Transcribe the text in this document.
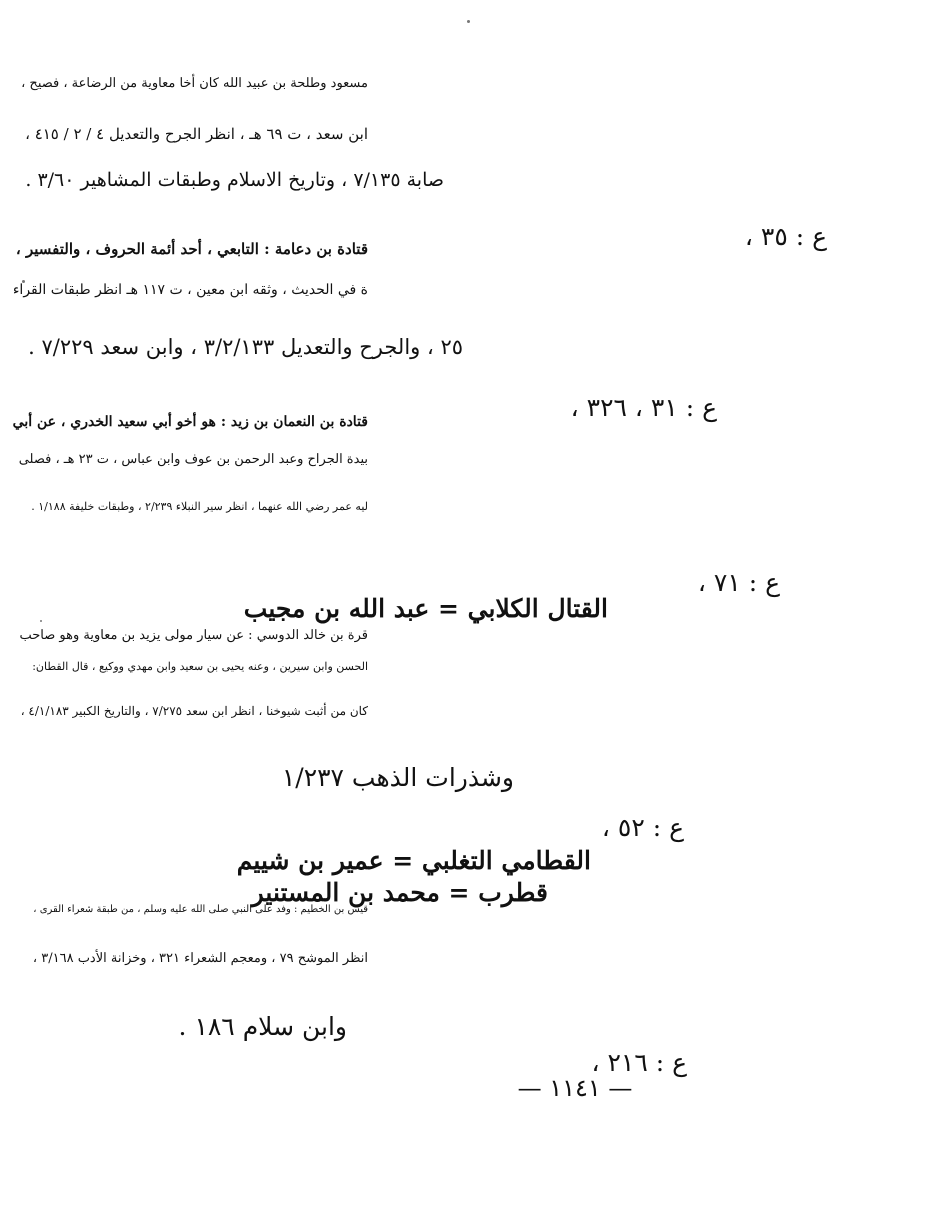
مسعود وطلحة بن عبيد الله كان أخا معاوية من الرضاعة ، فصيح ،
ابن سعد ، ت ٦٩ هـ ، انظر الجرح والتعديل ٤ / ٢ / ٤١٥ ،
صابة ٧/١٣٥ ، وتاريخ الاسلام وطبقات المشاهير ٣/٦٠ .
ع : ٣٥ ،
قتادة بن دعامة : التابعي ، أحد أئمة الحروف ، والتفسير ،
ة في الحديث ، وثقه ابن معين ، ت ١١٧ هـ انظر طبقات القراء
٢٥ ، والجرح والتعديل ٣/٢/١٣٣ ، وابن سعد ٧/٢٢٩ .
ع : ٣١ ، ٣٢٦ ،
قتادة بن النعمان بن زيد : هو أخو أبي سعيد الخدري ، عن أبي
بيدة الجراح وعبد الرحمن بن عوف وابن عباس ، ت ٢٣ هـ ، فصلى
ليه عمر رضي الله عنهما ، انظر سير النبلاء ٢/٢٣٩ ، وطبقات خليفة ١/١٨٨ .
ع : ٧١ ،
القتال الكلابي = عبد الله بن مجيب
قرة بن خالد الدوسي : عن سيار مولى يزيد بن معاوية وهو صاحب
الحسن وابن سيرين ، وعنه يحيى بن سعيد وابن مهدي ووكيع ، قال القطان:
كان من أثبت شيوخنا ، انظر ابن سعد ٧/٢٧٥ ، والتاريخ الكبير ٤/١/١٨٣ ،
وشذرات الذهب ١/٢٣٧
ع : ٥٢ ،
القطامي التغلبي = عمير بن شييم
قطرب = محمد بن المستنير
قيس بن الخطيم : وفد على النبي صلى الله عليه وسلم ، من طبقة شعراء القرى ،
انظر الموشح ٧٩ ، ومعجم الشعراء ٣٢١ ، وخزانة الأدب ٣/١٦٨ ،
وابن سلام ١٨٦ .
ع : ٢١٦ ،
— ١١٤١ —
